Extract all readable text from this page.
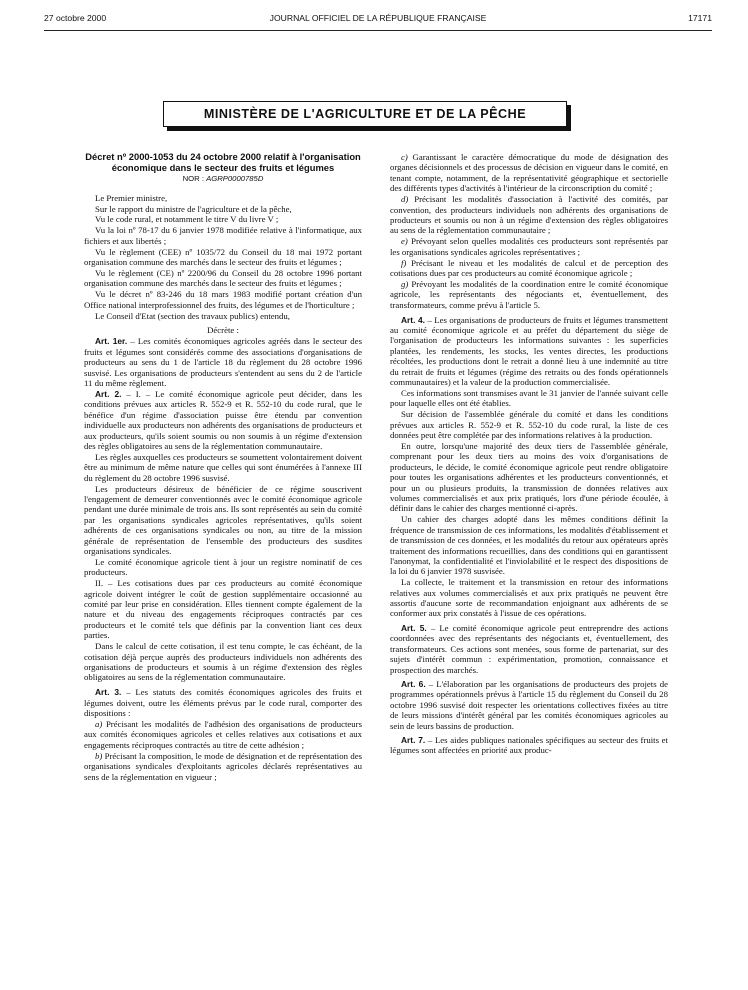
27 octobre 2000	JOURNAL OFFICIEL DE LA RÉPUBLIQUE FRANÇAISE	17171
MINISTÈRE DE L'AGRICULTURE ET DE LA PÊCHE
Décret nº 2000-1053 du 24 octobre 2000 relatif à l'organisation économique dans le secteur des fruits et légumes
NOR : AGRP0000785D

Le Premier ministre,

Sur le rapport du ministre de l'agriculture et de la pêche,

Vu le code rural, et notamment le titre V du livre V ;

Vu la loi nº 78-17 du 6 janvier 1978 modifiée relative à l'informatique, aux fichiers et aux libertés ;

Vu le règlement (CEE) nº 1035/72 du Conseil du 18 mai 1972 portant organisation commune des marchés dans le secteur des fruits et légumes ;

Vu le règlement (CE) nº 2200/96 du Conseil du 28 octobre 1996 portant organisation commune des marchés dans le secteur des fruits et légumes ;

Vu le décret nº 83-246 du 18 mars 1983 modifié portant création d'un Office national interprofessionnel des fruits, des légumes et de l'horticulture ;

Le Conseil d'Etat (section des travaux publics) entendu,

Décrète :

Art. 1er. – Les comités économiques agricoles agréés dans le secteur des fruits et légumes sont considérés comme des associations d'organisations de producteurs au sens du 1 de l'article 18 du règlement du 28 octobre 1996 susvisé. Les organisations de producteurs s'entendent au sens du 2 de l'article 11 du même règlement.

Art. 2. – I. – Le comité économique agricole peut décider, dans les conditions prévues aux articles R. 552-9 et R. 552-10 du code rural, que le bénéfice d'un régime d'association puisse être étendu par convention individuelle aux producteurs non adhérents des organisations de producteurs et aux producteurs, qu'ils soient soumis ou non soumis à un régime d'extension des règles obligatoires au sens de la réglementation communautaire.

Les règles auxquelles ces producteurs se soumettent volontairement doivent être au minimum de même nature que celles qui sont énumérées à l'annexe III du règlement du 28 octobre 1996 susvisé.

Les producteurs désireux de bénéficier de ce régime souscrivent l'engagement de demeurer conventionnés avec le comité économique agricole pendant une durée minimale de trois ans. Ils sont représentés au sein du comité par les organisations syndicales agricoles représentatives, qu'ils soient adhérents de ces organisations syndicales ou non, au titre de la mission générale de représentation de l'ensemble des producteurs des susdites organisations syndicales.

Le comité économique agricole tient à jour un registre nominatif de ces producteurs.

II. – Les cotisations dues par ces producteurs au comité économique agricole doivent intégrer le coût de gestion supplémentaire occasionné au comité par leur prise en considération. Elles tiennent compte également de la nature et du niveau des engagements réciproques contractés par ces producteurs et le comité tels que définis par la convention liant ces deux parties.

Dans le calcul de cette cotisation, il est tenu compte, le cas échéant, de la cotisation déjà perçue auprès des producteurs individuels non adhérents des organisations de producteurs et soumis à un régime d'extension des règles obligatoires au sens de la réglementation communautaire.

Art. 3. – Les statuts des comités économiques agricoles des fruits et légumes doivent, outre les éléments prévus par le code rural, comporter des dispositions :

a) Précisant les modalités de l'adhésion des organisations de producteurs aux comités économiques agricoles et celles relatives aux cotisations et aux engagements réciproques contractés au titre de cette adhésion ;

b) Précisant la composition, le mode de désignation et de représentation des organisations syndicales d'exploitants agricoles déclarés représentatives au sens de la réglementation en vigueur ;

c) Garantissant le caractère démocratique du mode de désignation des organes décisionnels et des processus de décision en vigueur dans le comité, en tenant compte, notamment, de la représentativité géographique et sectorielle des différents types d'activités à l'intérieur de la circonscription du comité ;

d) Précisant les modalités d'association à l'activité des comités, par convention, des producteurs individuels non adhérents des organisations de producteurs et soumis ou non à un régime d'extension des règles obligatoires au sens de la réglementation communautaire ;

e) Prévoyant selon quelles modalités ces producteurs sont représentés par les organisations syndicales agricoles représentatives ;

f) Précisant le niveau et les modalités de calcul et de perception des cotisations dues par ces producteurs au comité économique agricole ;

g) Prévoyant les modalités de la coordination entre le comité économique agricole, les représentants des négociants et, éventuellement, des transformateurs, comme prévu à l'article 5.

Art. 4. – Les organisations de producteurs de fruits et légumes transmettent au comité économique agricole et au préfet du département du siège de l'organisation de producteurs les informations suivantes : les superficies plantées, les rendements, les stocks, les ventes directes, les productions récoltées, les productions dont le retrait a donné lieu à une indemnité au titre du retrait de fruits et légumes (régime des retraits ou des fonds opérationnels communautaires) et la valeur de la production commercialisée.

Ces informations sont transmises avant le 31 janvier de l'année suivant celle pour laquelle elles ont été établies.

Sur décision de l'assemblée générale du comité et dans les conditions prévues aux articles R. 552-9 et R. 552-10 du code rural, la liste de ces données peut être complétée par des informations relatives à la production.

En outre, lorsqu'une majorité des deux tiers de l'assemblée générale, comprenant pour les deux tiers au moins des voix d'organisations de producteurs, le décide, le comité économique agricole peut rendre obligatoire pour toutes les organisations adhérentes et les producteurs conventionnés, et pour un ou plusieurs produits, la transmission de données relatives aux volumes commercialisés et aux prix pratiqués, lors d'une période écoulée, à définir dans le cahier des charges mentionné ci-après.

Un cahier des charges adopté dans les mêmes conditions définit la fréquence de transmission de ces informations, les modalités d'établissement et de transmission de ces données, et les modalités du retour aux opérateurs après traitement des informations recueillies, dans des conditions qui en garantissent l'anonymat, la confidentialité et l'inviolabilité et le respect des dispositions de la loi du 6 janvier 1978 susvisée.

La collecte, le traitement et la transmission en retour des informations relatives aux volumes commercialisés et aux prix pratiqués ne peuvent être assortis d'aucune sorte de recommandation enjoignant aux adhérents de se conformer aux prix constatés à l'issue de ces opérations.

Art. 5. – Le comité économique agricole peut entreprendre des actions coordonnées avec des représentants des négociants et, éventuellement, des transformateurs. Ces actions sont menées, sous forme de partenariat, sur des sujets d'intérêt commun : expérimentation, promotion, connaissance et prospection des marchés.

Art. 6. – L'élaboration par les organisations de producteurs des projets de programmes opérationnels prévus à l'article 15 du règlement du Conseil du 28 octobre 1996 susvisé doit respecter les orientations collectives fixées au titre de leurs missions d'intérêt général par les comités économiques agricoles au sein de leurs bassins de production.

Art. 7. – Les aides publiques nationales spécifiques au secteur des fruits et légumes sont affectées en priorité aux produc-
